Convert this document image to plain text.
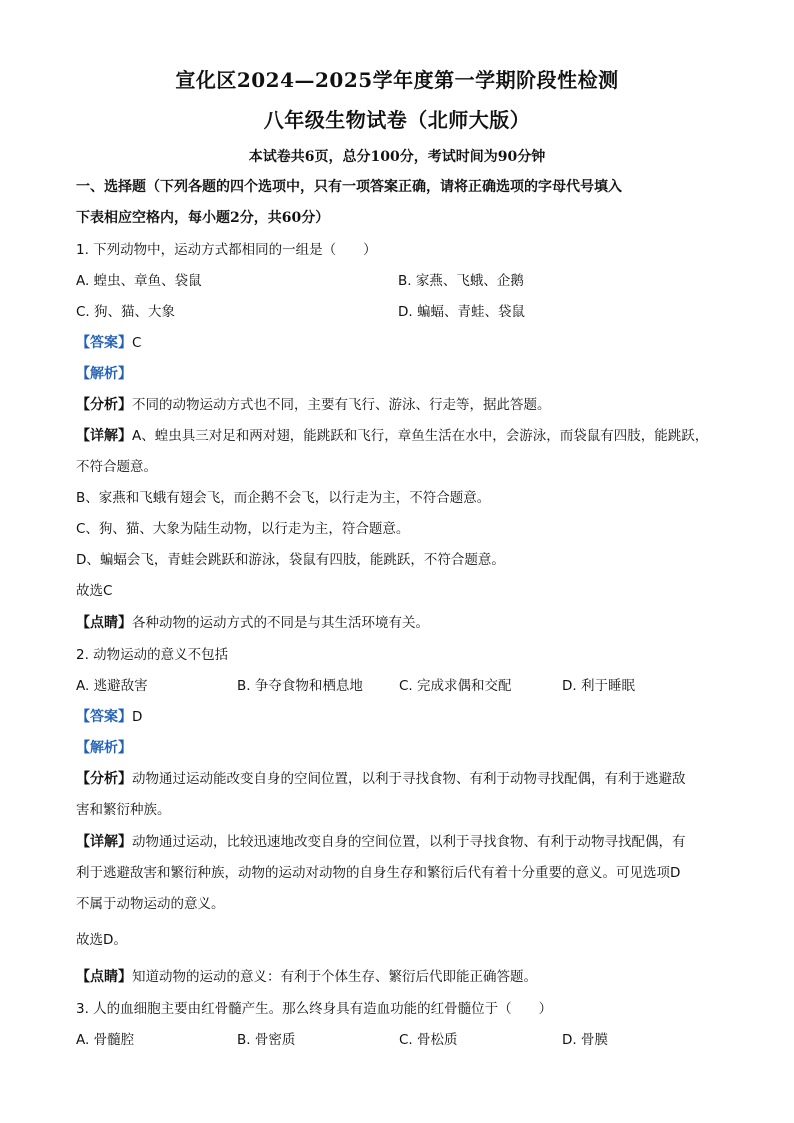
宣化区2024—2025学年度第一学期阶段性检测
八年级生物试卷（北师大版）
本试卷共6页，总分100分，考试时间为90分钟
一、选择题（下列各题的四个选项中，只有一项答案正确，请将正确选项的字母代号填入
下表相应空格内，每小题2分，共60分）
1. 下列动物中，运动方式都相同的一组是（　　）
A. 蝗虫、章鱼、袋鼠	B. 家燕、飞蛾、企鹅
C. 狗、猫、大象	D. 蝙蝠、青蛙、袋鼠
【答案】C
【解析】
【分析】不同的动物运动方式也不同，主要有飞行、游泳、行走等，据此答题。
【详解】A、蝗虫具三对足和两对翅，能跳跃和飞行，章鱼生活在水中，会游泳，而袋鼠有四肢，能跳跃，
不符合题意。
B、家燕和飞蛾有翅会飞，而企鹅不会飞，以行走为主，不符合题意。
C、狗、猫、大象为陆生动物，以行走为主，符合题意。
D、蝙蝠会飞，青蛙会跳跃和游泳，袋鼠有四肢，能跳跃，不符合题意。
故选C
【点睛】各种动物的运动方式的不同是与其生活环境有关。
2. 动物运动的意义不包括
A. 逃避敌害	B. 争夺食物和栖息地	C. 完成求偶和交配	D. 利于睡眠
【答案】D
【解析】
【分析】动物通过运动能改变自身的空间位置，以利于寻找食物、有利于动物寻找配偶，有利于逃避敌
害和繁衍种族。
【详解】动物通过运动，比较迅速地改变自身的空间位置，以利于寻找食物、有利于动物寻找配偶，有
利于逃避敌害和繁衍种族，动物的运动对动物的自身生存和繁衍后代有着十分重要的意义。可见选项D
不属于动物运动的意义。
故选D。
【点睛】知道动物的运动的意义：有利于个体生存、繁衍后代即能正确答题。
3. 人的血细胞主要由红骨髓产生。那么终身具有造血功能的红骨髓位于（　　）
A. 骨髓腔	B. 骨密质	C. 骨松质	D. 骨膜
